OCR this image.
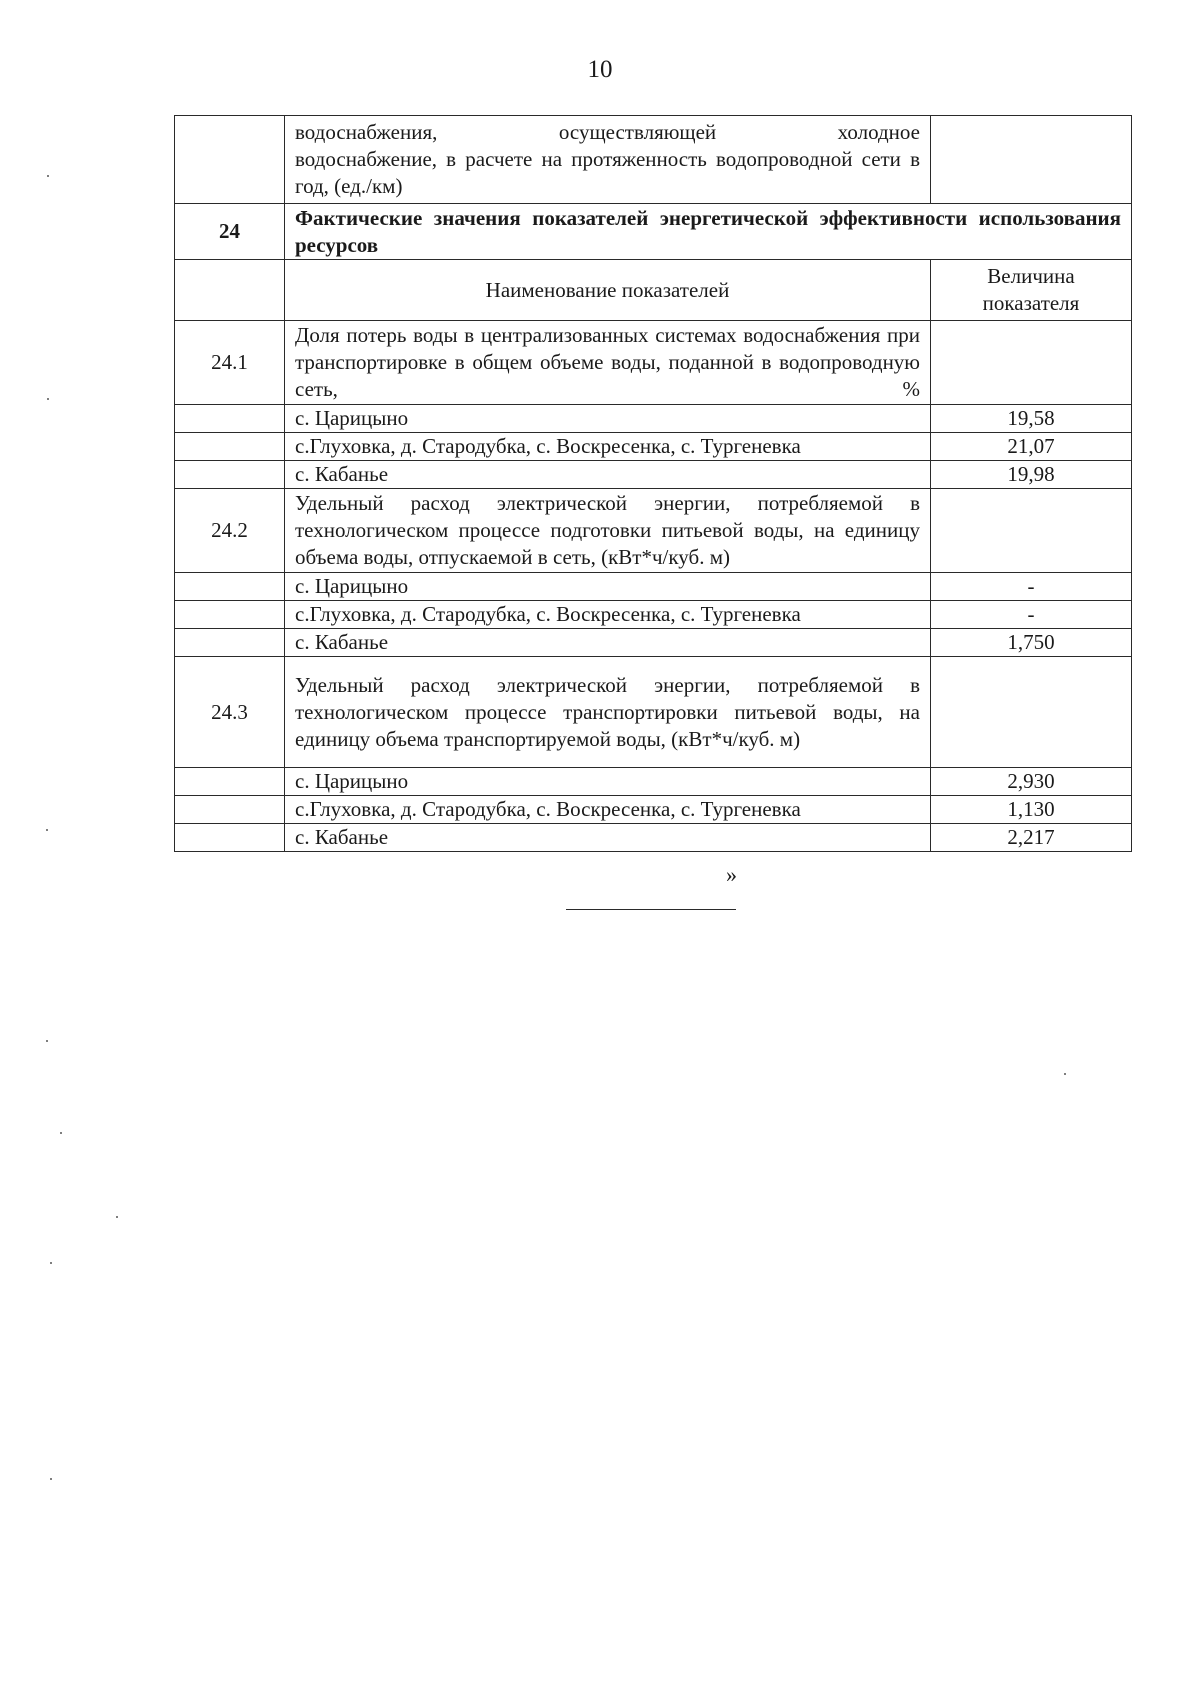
10

	водоснабжения, осуществляющей холодное
водоснабжение, в расчете на протяженность водопроводной сети в год, (ед./км)	
24	Фактические значения показателей энергетической эффективности использования ресурсов	
	Наименование показателей	Величина показателя
24.1	Доля потерь воды в централизованных системах водоснабжения при транспортировке в общем объеме воды, поданной в водопроводную сеть, %	
	с. Царицыно	19,58
	с.Глуховка, д. Стародубка, с. Воскресенка, с. Тургеневка	21,07
	с. Кабанье	19,98
24.2	Удельный расход электрической энергии, потребляемой в технологическом процессе подготовки питьевой воды, на единицу объема воды, отпускаемой в сеть, (кВт*ч/куб. м)	
	с. Царицыно	-
	с.Глуховка, д. Стародубка, с. Воскресенка, с. Тургеневка	-
	с. Кабанье	1,750
24.3	Удельный расход электрической энергии, потребляемой в технологическом процессе транспортировки питьевой воды, на единицу объема транспортируемой воды, (кВт*ч/куб. м)	
	с. Царицыно	2,930
	с.Глуховка, д. Стародубка, с. Воскресенка, с. Тургеневка	1,130
	с. Кабанье	2,217
»
